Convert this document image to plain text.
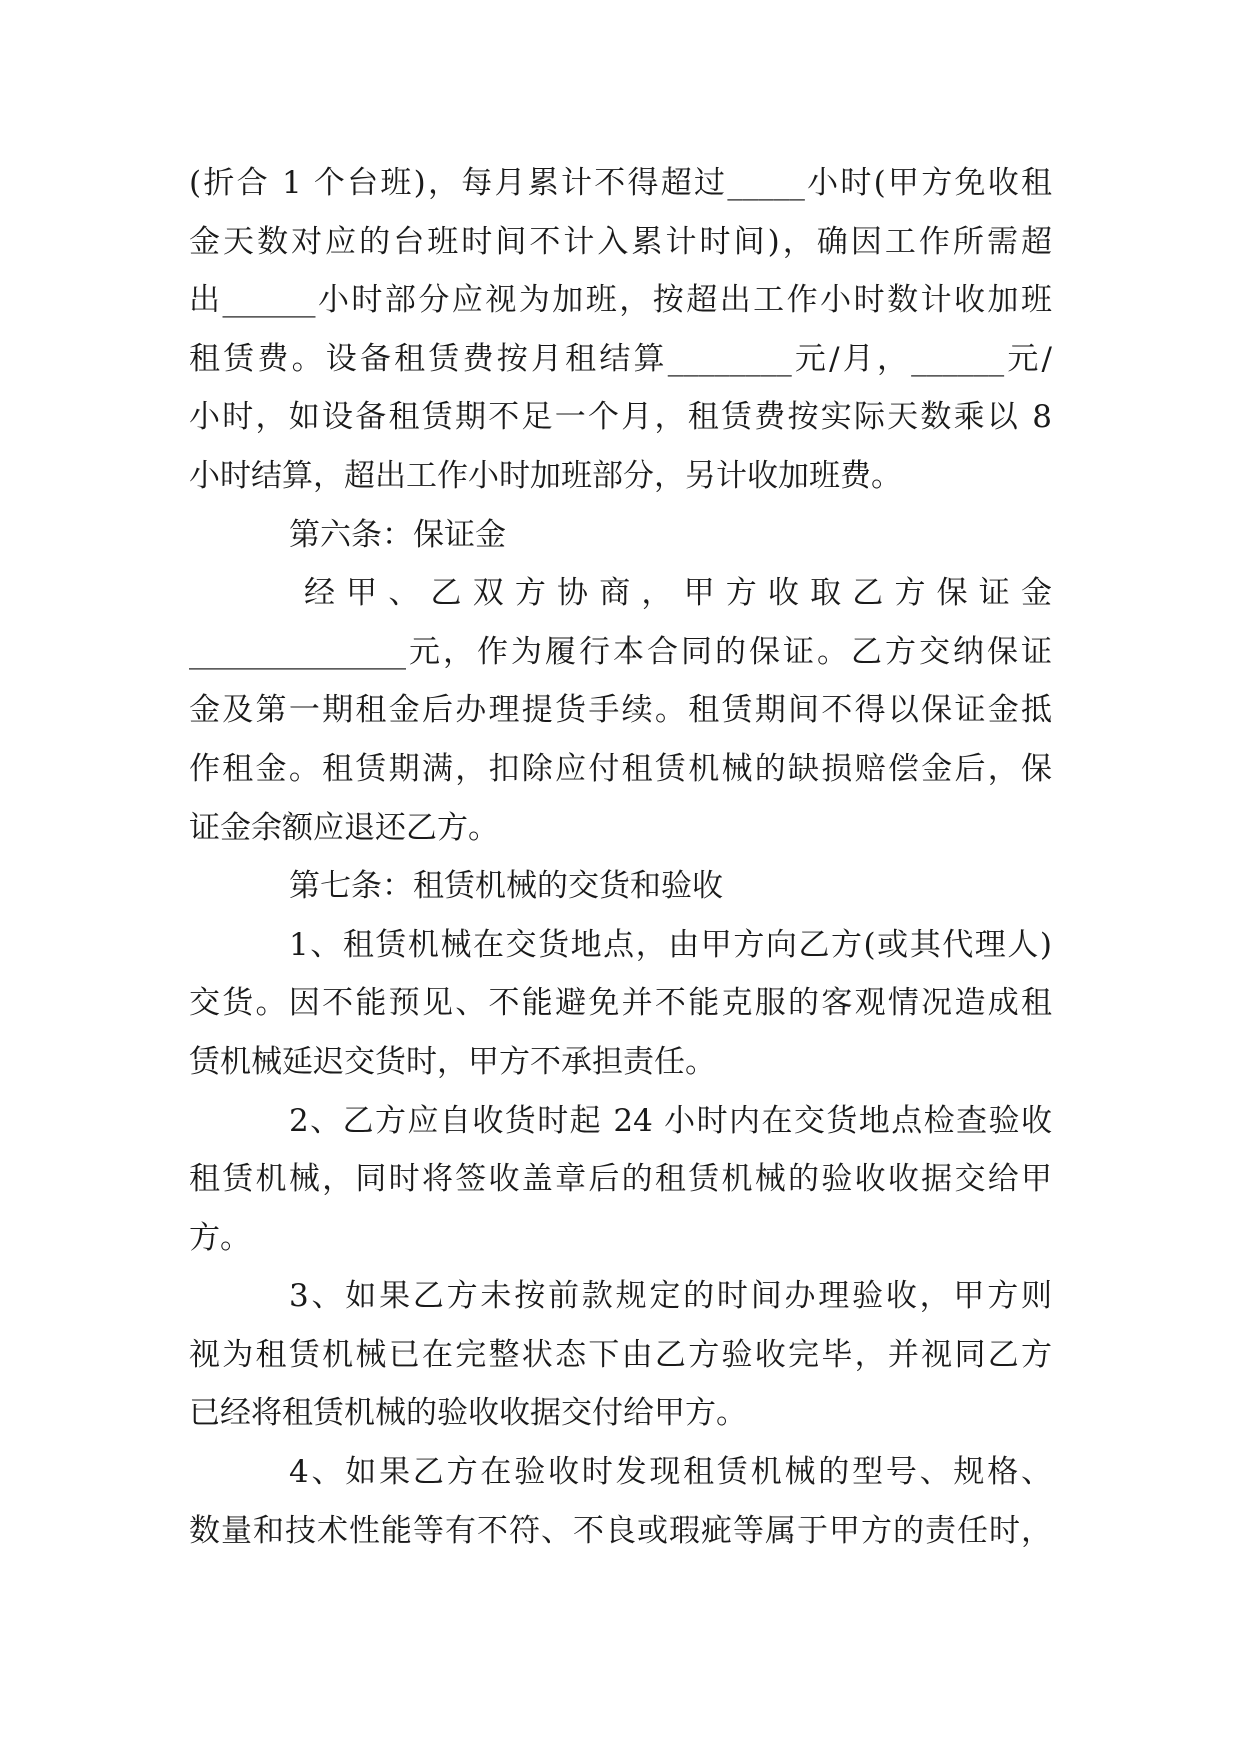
(折合 1 个台班)，每月累计不得超过_____小时(甲方免收租
金天数对应的台班时间不计入累计时间)，确因工作所需超
出______小时部分应视为加班，按超出工作小时数计收加班
租赁费。设备租赁费按月租结算________元/月，______元/
小时，如设备租赁期不足一个月，租赁费按实际天数乘以 8
小时结算，超出工作小时加班部分，另计收加班费。
第六条：保证金
经 甲 、 乙 双 方 协 商 ， 甲 方 收 取 乙 方 保 证 金
______________元，作为履行本合同的保证。乙方交纳保证
金及第一期租金后办理提货手续。租赁期间不得以保证金抵
作租金。租赁期满，扣除应付租赁机械的缺损赔偿金后，保
证金余额应退还乙方。
第七条：租赁机械的交货和验收
1、租赁机械在交货地点，由甲方向乙方(或其代理人)
交货。因不能预见、不能避免并不能克服的客观情况造成租
赁机械延迟交货时，甲方不承担责任。
2、乙方应自收货时起 24 小时内在交货地点检查验收
租赁机械，同时将签收盖章后的租赁机械的验收收据交给甲
方。
3、如果乙方未按前款规定的时间办理验收，甲方则
视为租赁机械已在完整状态下由乙方验收完毕，并视同乙方
已经将租赁机械的验收收据交付给甲方。
4、如果乙方在验收时发现租赁机械的型号、规格、
数量和技术性能等有不符、不良或瑕疵等属于甲方的责任时，
